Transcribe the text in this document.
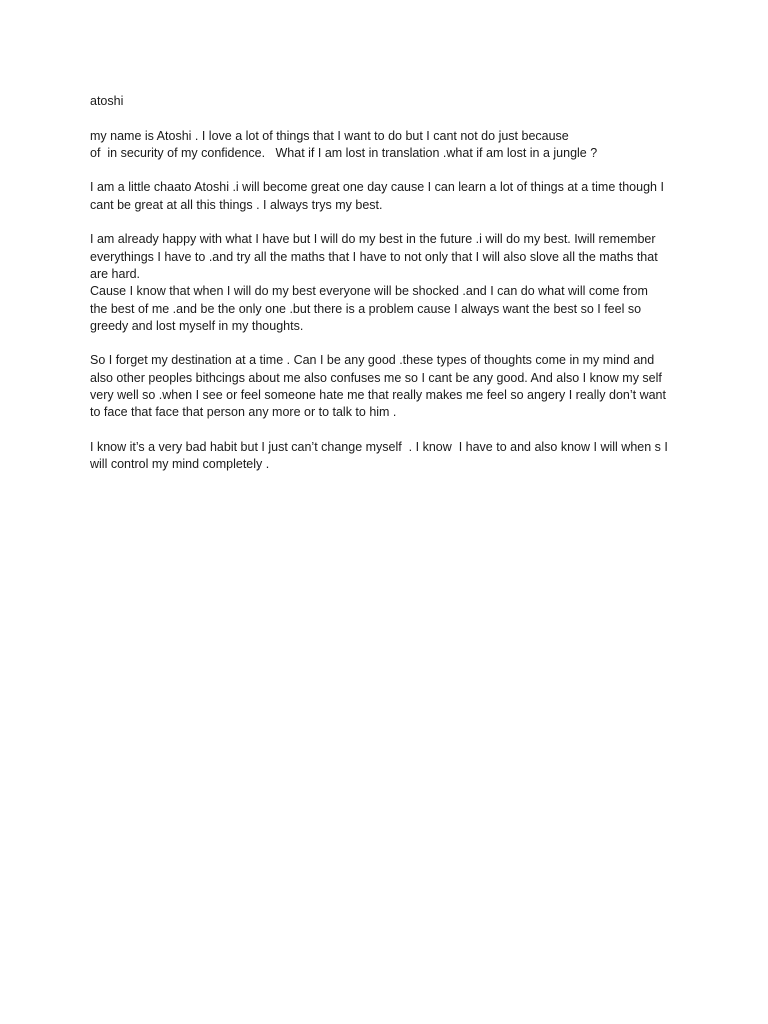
atoshi
my name is Atoshi . I love a lot of things that I want to do but I cant not do just because
of  in security of my confidence.   What if I am lost in translation .what if am lost in a jungle ?
I am a little chaato Atoshi .i will become great one day cause I can learn a lot of things at a time though I
cant be great at all this things . I always trys my best.
I am already happy with what I have but I will do my best in the future .i will do my best. Iwill remember
everythings I have to .and try all the maths that I have to not only that I will also slove all the maths that
are hard.
Cause I know that when I will do my best everyone will be shocked .and I can do what will come from
the best of me .and be the only one .but there is a problem cause I always want the best so I feel so
greedy and lost myself in my thoughts.
So I forget my destination at a time . Can I be any good .these types of thoughts come in my mind and
also other peoples bithcings about me also confuses me so I cant be any good. And also I know my self
very well so .when I see or feel someone hate me that really makes me feel so angery I really don’t want
to face that face that person any more or to talk to him .
I know it’s a very bad habit but I just can’t change myself  . I know  I have to and also know I will when s I
will control my mind completely .
